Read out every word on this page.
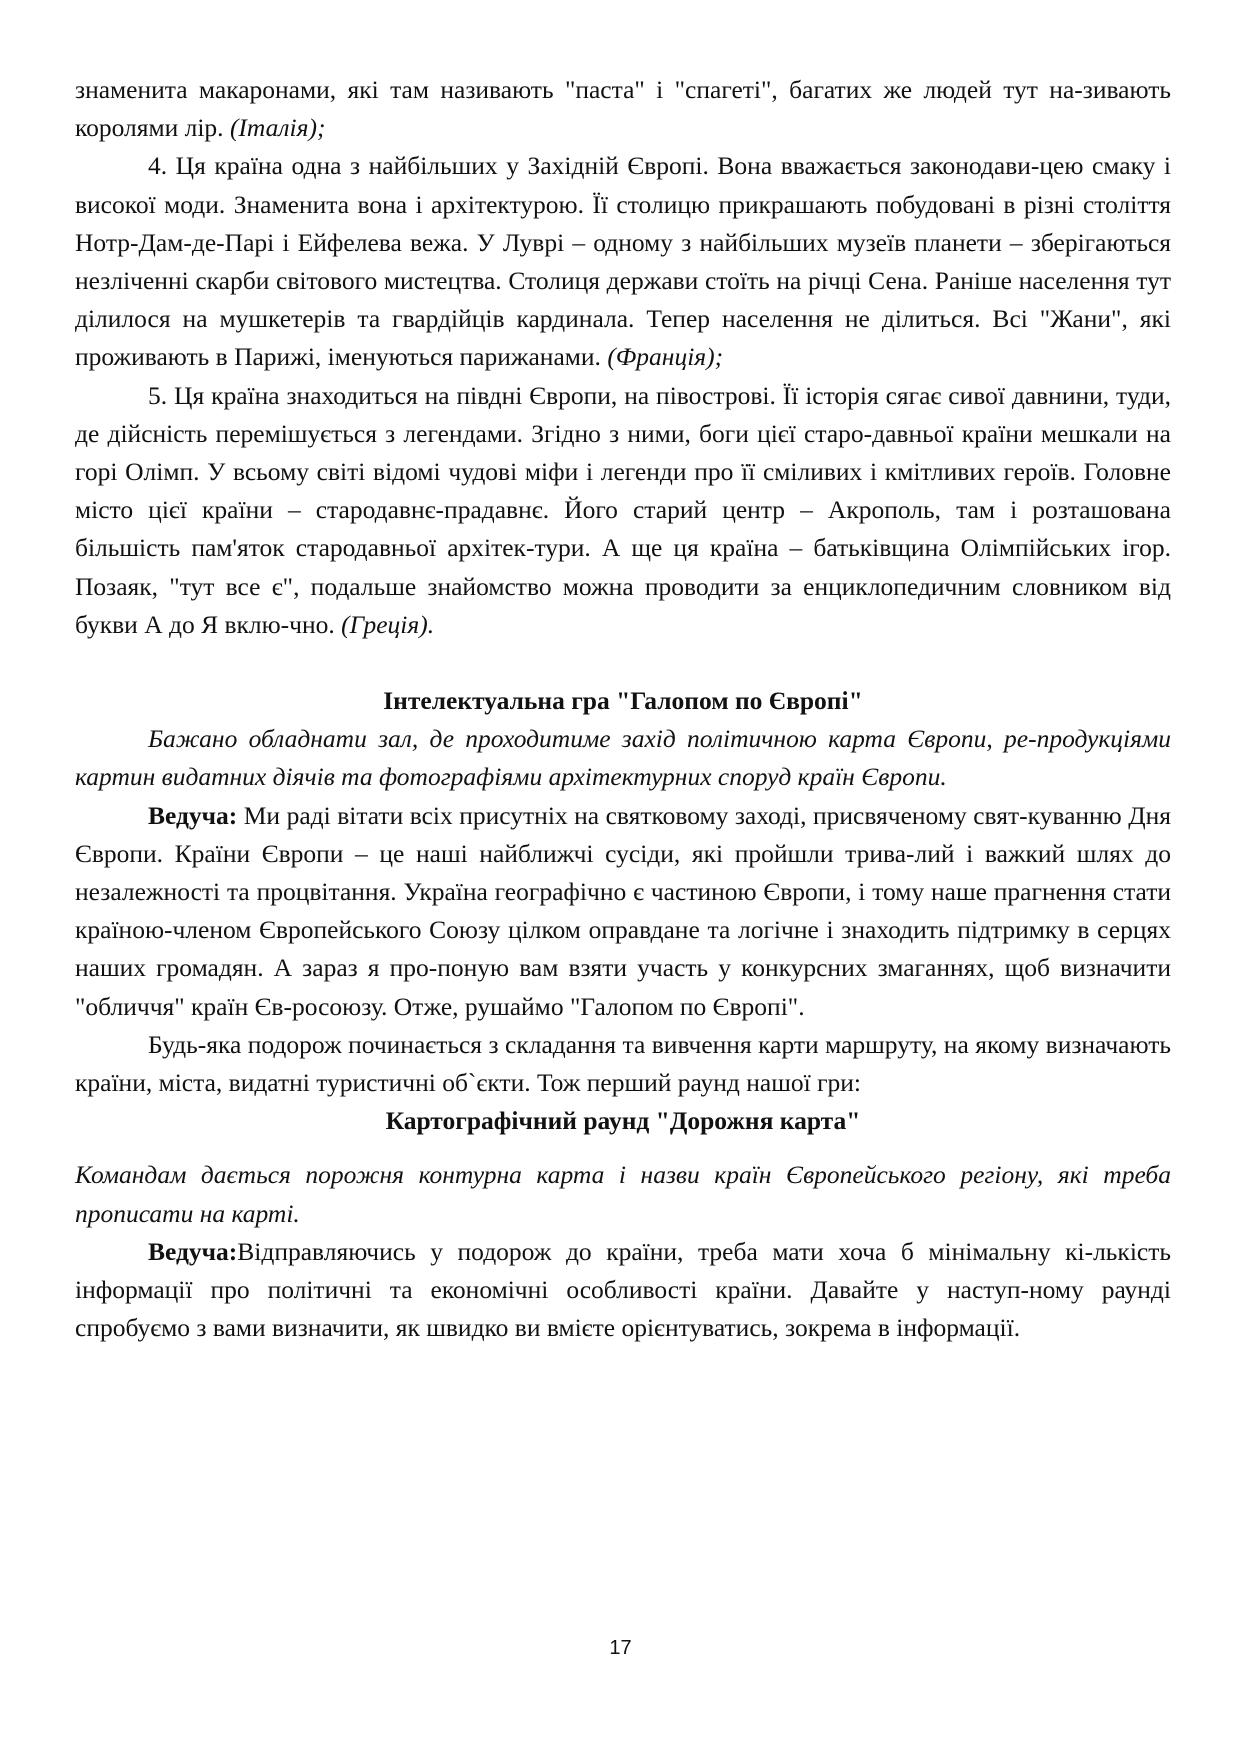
знаменита макаронами, які там називають "паста" і "спагеті", багатих же людей тут на-зивають королями лір. (Італія);

4. Ця країна одна з найбільших у Західній Європі. Вона вважається законодави-цею смаку і високої моди. Знаменита вона і архітектурою. Її столицю прикрашають побудовані в різні століття Нотр-Дам-де-Парі і Ейфелева вежа. У Луврі – одному з найбільших музеїв планети – зберігаються незліченні скарби світового мистецтва. Столиця держави стоїть на річці Сена. Раніше населення тут ділилося на мушкетерів та гвардійців кардинала. Тепер населення не ділиться. Всі "Жани", які проживають в Парижі, іменуються парижанами. (Франція);

5. Ця країна знаходиться на півдні Європи, на півострові. Її історія сягає сивої давнини, туди, де дійсність перемішується з легендами. Згідно з ними, боги цієї старо-давньої країни мешкали на горі Олімп. У всьому світі відомі чудові міфи і легенди про її сміливих і кмітливих героїв. Головне місто цієї країни – стародавнє-прадавнє. Його старий центр – Акрополь, там і розташована більшість пам'яток стародавньої архітек-тури. А ще ця країна – батьківщина Олімпійських ігор. Позаяк, "тут все є", подальше знайомство можна проводити за енциклопедичним словником від букви А до Я вклю-чно. (Греція).

Інтелектуальна гра "Галопом по Європі"

Бажано обладнати зал, де проходитиме захід політичною карта Європи, ре-продукціями картин видатних діячів та фотографіями архітектурних споруд країн Європи.

Ведуча: Ми раді вітати всіх присутніх на святковому заході, присвяченому свят-куванню Дня Європи. Країни Європи – це наші найближчі сусіди, які пройшли трива-лий і важкий шлях до незалежності та процвітання. Україна географічно є частиною Європи, і тому наше прагнення стати країною-членом Європейського Союзу цілком оправдане та логічне і знаходить підтримку в серцях наших громадян. А зараз я про-поную вам взяти участь у конкурсних змаганнях, щоб визначити "обличчя" країн Єв-росоюзу. Отже, рушаймо "Галопом по Європі".

Будь-яка подорож починається з складання та вивчення карти маршруту, на якому визначають країни, міста, видатні туристичні об`єкти. Тож перший раунд нашої гри:

Картографічний раунд "Дорожня карта"

Командам дається порожня контурна карта і назви країн Європейського регіону, які треба прописати на карті.

Ведуча:Відправляючись у подорож до країни, треба мати хоча б мінімальну кі-лькість інформації про політичні та економічні особливості країни. Давайте у наступ-ному раунді спробуємо з вами визначити, як швидко ви вмієте орієнтуватись, зокрема в інформації.

17
